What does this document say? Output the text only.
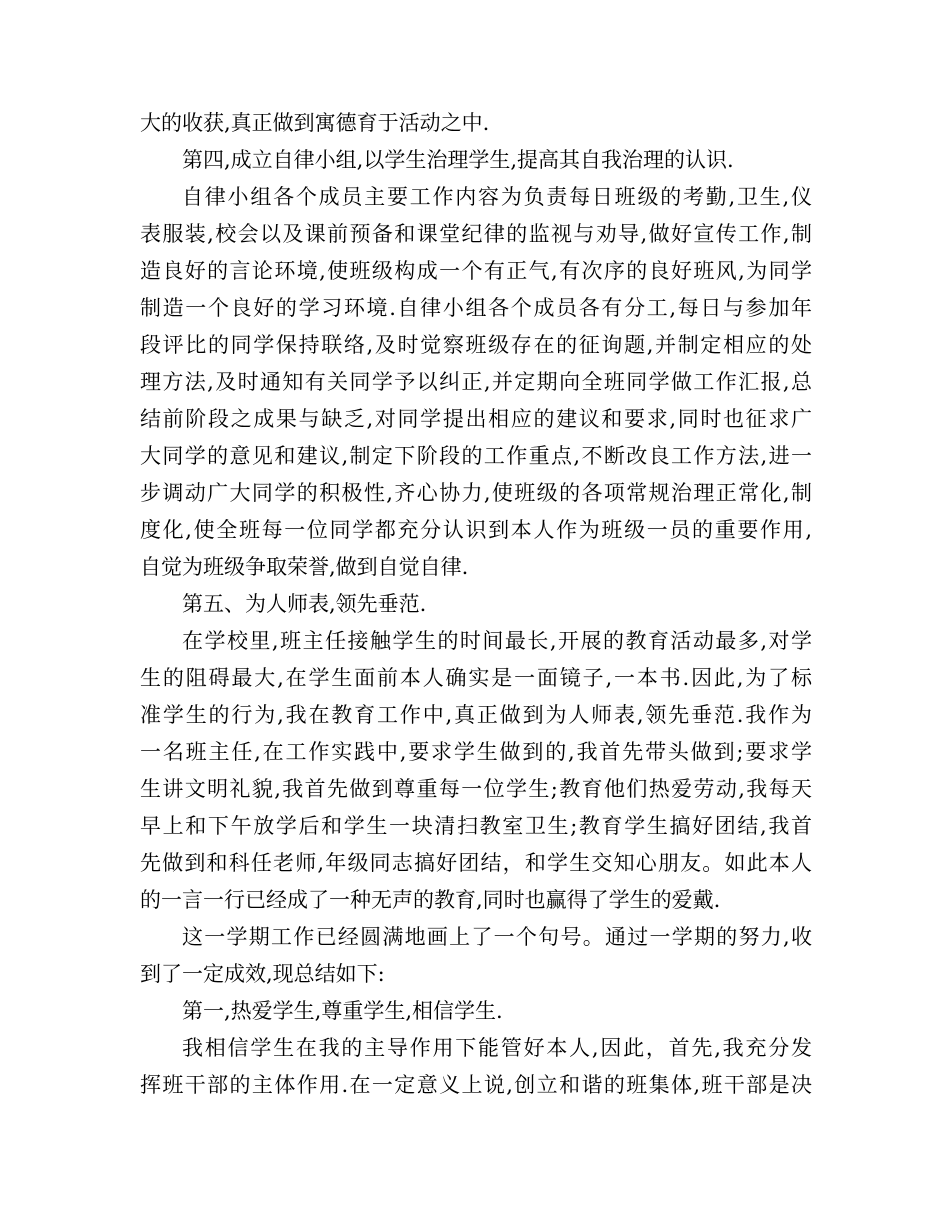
大的收获,真正做到寓德育于活动之中.
第四,成立自律小组,以学生治理学生,提高其自我治理的认识.
自律小组各个成员主要工作内容为负责每日班级的考勤,卫生,仪
表服装,校会以及课前预备和课堂纪律的监视与劝导,做好宣传工作,制
造良好的言论环境,使班级构成一个有正气,有次序的良好班风,为同学
制造一个良好的学习环境.自律小组各个成员各有分工,每日与参加年
段评比的同学保持联络,及时觉察班级存在的征询题,并制定相应的处
理方法,及时通知有关同学予以纠正,并定期向全班同学做工作汇报,总
结前阶段之成果与缺乏,对同学提出相应的建议和要求,同时也征求广
大同学的意见和建议,制定下阶段的工作重点,不断改良工作方法,进一
步调动广大同学的积极性,齐心协力,使班级的各项常规治理正常化,制
度化,使全班每一位同学都充分认识到本人作为班级一员的重要作用,
自觉为班级争取荣誉,做到自觉自律.
第五、为人师表,领先垂范.
在学校里,班主任接触学生的时间最长,开展的教育活动最多,对学
生的阻碍最大,在学生面前本人确实是一面镜子,一本书.因此,为了标
准学生的行为,我在教育工作中,真正做到为人师表,领先垂范.我作为
一名班主任,在工作实践中,要求学生做到的,我首先带头做到;要求学
生讲文明礼貌,我首先做到尊重每一位学生;教育他们热爱劳动,我每天
早上和下午放学后和学生一块清扫教室卫生;教育学生搞好团结,我首
先做到和科任老师,年级同志搞好团结，和学生交知心朋友。如此本人
的一言一行已经成了一种无声的教育,同时也赢得了学生的爱戴.
这一学期工作已经圆满地画上了一个句号。通过一学期的努力,收
到了一定成效,现总结如下:
第一,热爱学生,尊重学生,相信学生.
我相信学生在我的主导作用下能管好本人,因此，首先,我充分发
挥班干部的主体作用.在一定意义上说,创立和谐的班集体,班干部是决
